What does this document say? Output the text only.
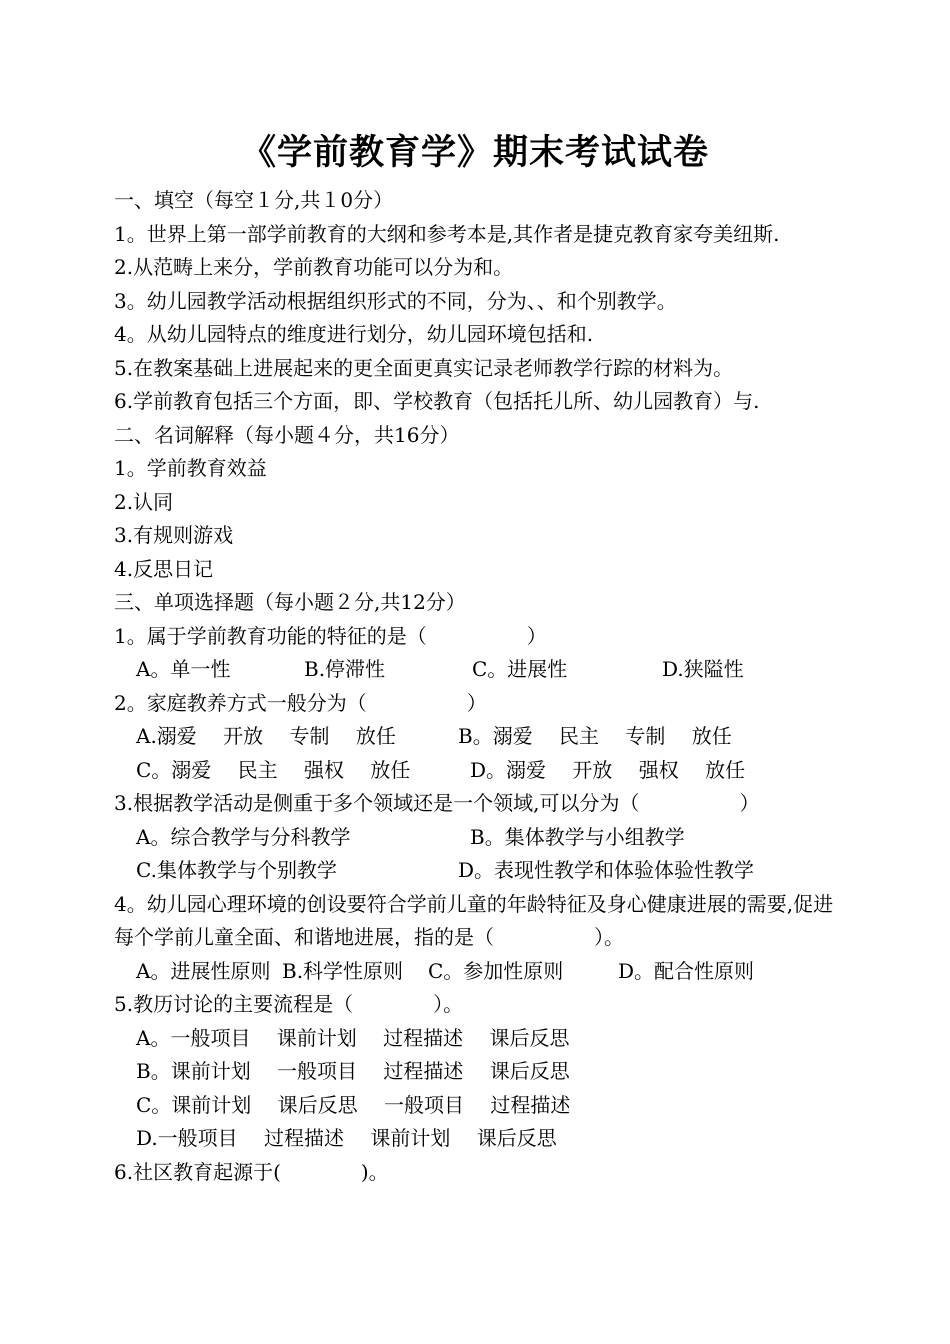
《学前教育学》期末考试试卷
一、填空（每空１分,共１0分）
1。世界上第一部学前教育的大纲和参考本是,其作者是捷克教育家夸美纽斯.
2.从范畴上来分，学前教育功能可以分为和。
3。幼儿园教学活动根据组织形式的不同，分为、、和个别教学。
4。从幼儿园特点的维度进行划分，幼儿园环境包括和.
5.在教案基础上进展起来的更全面更真实记录老师教学行踪的材料为。
6.学前教育包括三个方面，即、学校教育（包括托儿所、幼儿园教育）与.
二、名词解释（每小题４分，共16分）
1。学前教育效益
2.认同
3.有规则游戏
4.反思日记
三、单项选择题（每小题２分,共12分）
1。属于学前教育功能的特征的是（　　　　　）
A。单一性	B.停滞性	C。进展性	D.狭隘性
2。家庭教养方式一般分为（　　　　　）
A.溺爱　 开放　 专制　 放任	B。溺爱　 民主　 专制　 放任
C。溺爱　 民主　 强权　 放任	D。溺爱　 开放　 强权　 放任
3.根据教学活动是侧重于多个领域还是一个领域,可以分为（　　　　　）
A。综合教学与分科教学	B。集体教学与小组教学
C.集体教学与个别教学	D。表现性教学和体验体验性教学
4。幼儿园心理环境的创设要符合学前儿童的年龄特征及身心健康进展的需要,促进每个学前儿童全面、和谐地进展，指的是（　　　　　）。
A。进展性原则 B.科学性原则 C。参加性原则	D。配合性原则
5.教历讨论的主要流程是（　　　　）。
A。一般项目　 课前计划　 过程描述　 课后反思
B。课前计划　 一般项目　 过程描述　 课后反思
C。课前计划　 课后反思　 一般项目　 过程描述
D.一般项目　 过程描述　 课前计划　 课后反思
6.社区教育起源于(　　　　)。
